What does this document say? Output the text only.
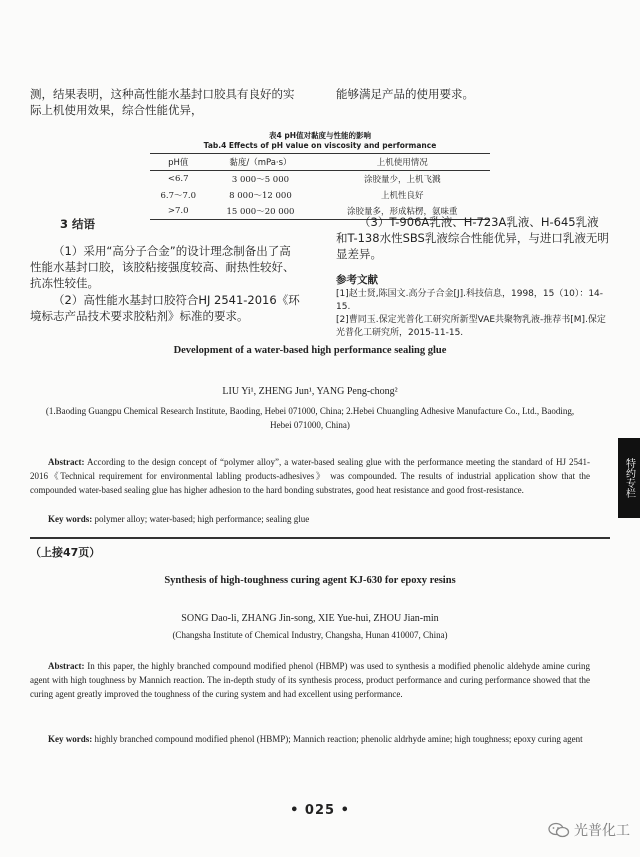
测，结果表明，这种高性能水基封口胶具有良好的实际上机使用效果，综合性能优异，
能够满足产品的使用要求。
表4 pH值对黏度与性能的影响
Tab.4 Effects of pH value on viscosity and performance
pH值	黏度/（mPa·s）	上机使用情况
<6.7	3 000～5 000	涂胶量少，上机飞溅
6.7～7.0	8 000～12 000	上机性良好
>7.0	15 000～20 000	涂胶量多，形成粘楞，氨味重
3 结语
（1）采用“高分子合金”的设计理念制备出了高性能水基封口胶，该胶粘接强度较高、耐热性较好、抗冻性较佳。
（2）高性能水基封口胶符合HJ 2541-2016《环境标志产品技术要求胶粘剂》标准的要求。
（3）T-906A乳液、H-723A乳液、H-645乳液和T-138水性SBS乳液综合性能优异，与进口乳液无明显差异。
参考文献
[1]赵士贤,陈国文.高分子合金[J].科技信息，1998，15（10）：14-15.
[2]曹同玉.保定光普化工研究所新型VAE共聚物乳液-推荐书[M].保定光普化工研究所，2015-11-15.
Development of a water-based high performance sealing glue
LIU Yi¹, ZHENG Jun¹, YANG Peng-chong²
(1.Baoding Guangpu Chemical Research Institute, Baoding, Hebei 071000, China; 2.Hebei Chuangling Adhesive Manufacture Co., Ltd., Baoding, Hebei 071000, China)
Abstract: According to the design concept of “polymer alloy”, a water-based sealing glue with the performance meeting the standard of HJ 2541-2016《Technical requirement for environmental labling products-adhesives》 was compounded. The results of industrial application show that the compounded water-based sealing glue has higher adhesion to the hard bonding substrates, good heat resistance and good frost-resistance.
Key words: polymer alloy; water-based; high performance; sealing glue
（上接47页）
Synthesis of high-toughness curing agent KJ-630 for epoxy resins
SONG Dao-li, ZHANG Jin-song, XIE Yue-hui, ZHOU Jian-min
(Changsha Institute of Chemical Industry, Changsha, Hunan 410007, China)
Abstract: In this paper, the highly branched compound modified phenol (HBMP) was used to synthesis a modified phenolic aldehyde amine curing agent with high toughness by Mannich reaction. The in-depth study of its synthesis process, product performance and curing performance showed that the curing agent greatly improved the toughness of the curing system and had excellent using performance.
Key words: highly branched compound modified phenol (HBMP); Mannich reaction; phenolic aldrhyde amine; high toughness; epoxy curing agent
特约专栏
• 025 •
光普化工
